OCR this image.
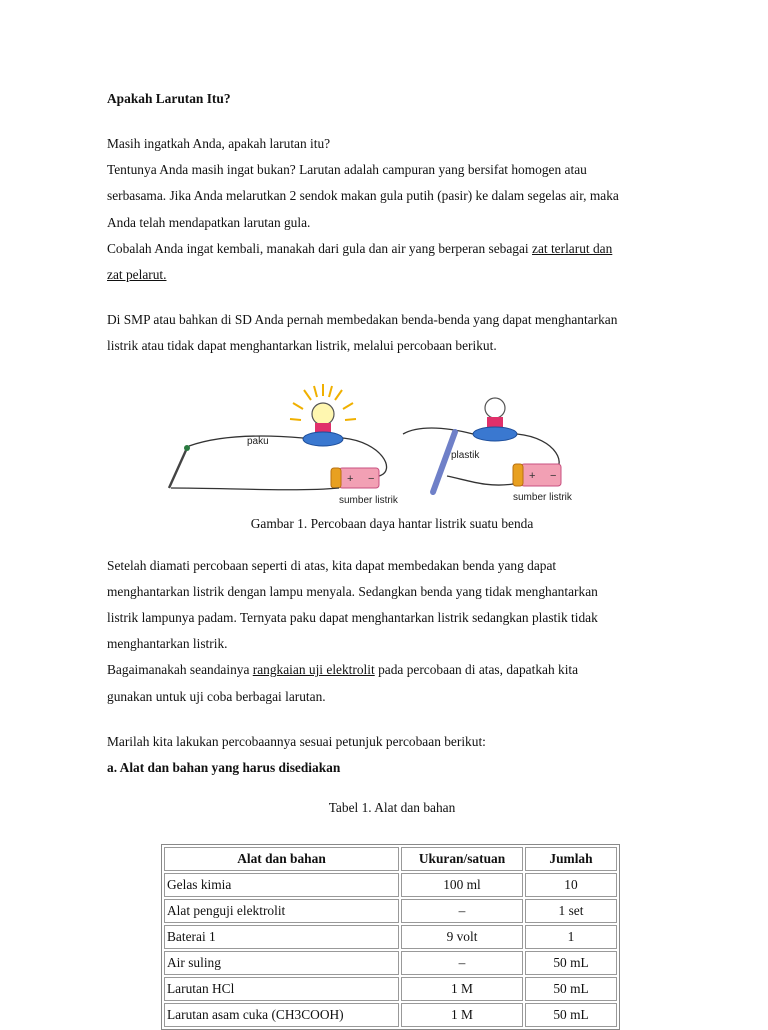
Apakah Larutan Itu?

Masih ingatkah Anda, apakah larutan itu?

Tentunya Anda masih ingat bukan? Larutan adalah campuran yang bersifat homogen atau

serbasama. Jika Anda melarutkan 2 sendok makan gula putih (pasir) ke dalam segelas air, maka

Anda telah mendapatkan larutan gula.

Cobalah Anda ingat kembali, manakah dari gula dan air yang berperan sebagai zat terlarut dan

zat pelarut.

Di SMP atau bahkan di SD Anda pernah membedakan benda-benda yang dapat menghantarkan

listrik atau tidak dapat menghantarkan listrik, melalui percobaan berikut.

+ −
paku
sumber listrik
+ −
plastik
sumber listrik

Gambar 1. Percobaan daya hantar listrik suatu benda

Setelah diamati percobaan seperti di atas, kita dapat membedakan benda yang dapat

menghantarkan listrik dengan lampu menyala. Sedangkan benda yang tidak menghantarkan

listrik lampunya padam. Ternyata paku dapat menghantarkan listrik sedangkan plastik tidak

menghantarkan listrik.

Bagaimanakah seandainya rangkaian uji elektrolit pada percobaan di atas, dapatkah kita

gunakan untuk uji coba berbagai larutan.

Marilah kita lakukan percobaannya sesuai petunjuk percobaan berikut:

a. Alat dan bahan yang harus disediakan

Tabel 1. Alat dan bahan

Alat dan bahan	Ukuran/satuan	Jumlah
Gelas kimia	100 ml	10
Alat penguji elektrolit	–	1 set
Baterai 1	9 volt	1
Air suling	–	50 mL
Larutan HCl	1 M	50 mL
Larutan asam cuka (CH3COOH)	1 M	50 mL
